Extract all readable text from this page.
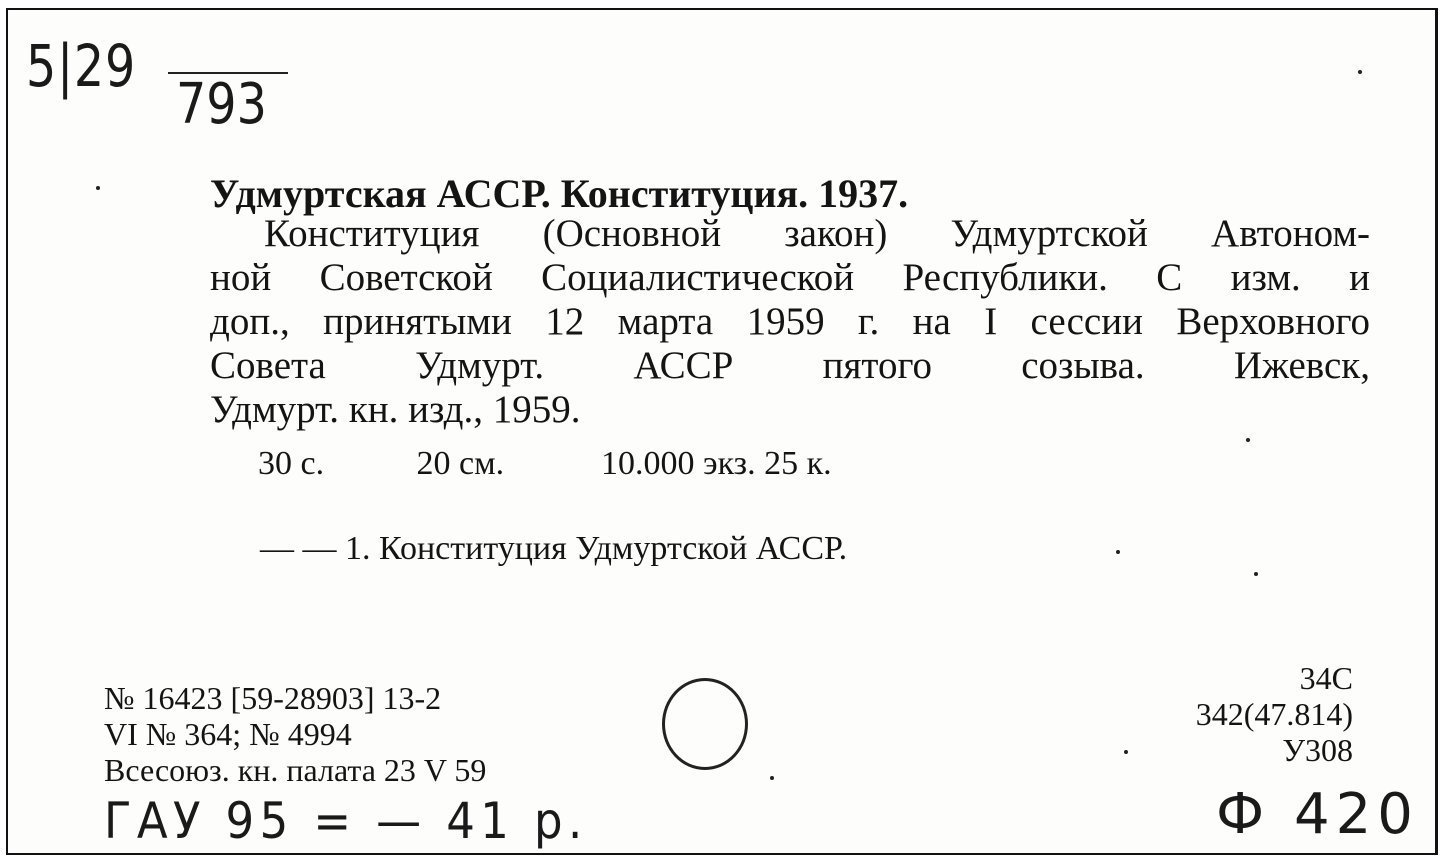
5|29
793
Удмуртская АССР. Конституция. 1937.
Конституция (Основной закон) Удмуртской Автоном-
ной Советской Социалистической Республики. С изм. и
доп., принятыми 12 марта 1959 г. на I сессии Верховного
Совета Удмурт. АССР пятого созыва. Ижевск,
Удмурт. кн. изд., 1959.
30 с.	20 см.	10.000 экз. 25 к.
— — 1. Конституция Удмуртской АССР.
№ 16423 [59-28903] 13-2
VI № 364; № 4994
Всесоюз. кн. палата 23 V 59
34С
342(47.814)
У308
ГАУ 95 = — 41 р.	Ф 420
